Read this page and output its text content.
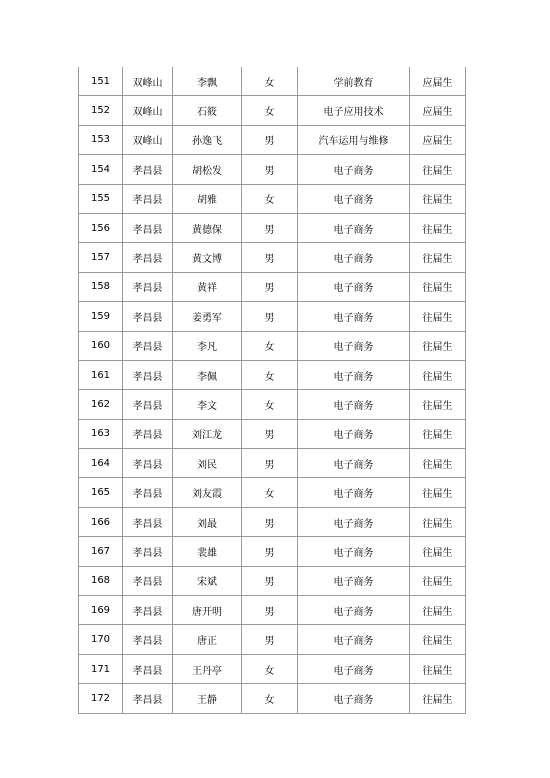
151	双峰山	李飘	女	学前教育	应届生
152	双峰山	石筱	女	电子应用技术	应届生
153	双峰山	孙逸飞	男	汽车运用与维修	应届生
154	孝昌县	胡松发	男	电子商务	往届生
155	孝昌县	胡雅	女	电子商务	往届生
156	孝昌县	黄德保	男	电子商务	往届生
157	孝昌县	黄文博	男	电子商务	往届生
158	孝昌县	黄祥	男	电子商务	往届生
159	孝昌县	姜勇军	男	电子商务	往届生
160	孝昌县	李凡	女	电子商务	往届生
161	孝昌县	李佩	女	电子商务	往届生
162	孝昌县	李文	女	电子商务	往届生
163	孝昌县	刘江龙	男	电子商务	往届生
164	孝昌县	刘民	男	电子商务	往届生
165	孝昌县	刘友霞	女	电子商务	往届生
166	孝昌县	刘最	男	电子商务	往届生
167	孝昌县	裴雄	男	电子商务	往届生
168	孝昌县	宋斌	男	电子商务	往届生
169	孝昌县	唐开明	男	电子商务	往届生
170	孝昌县	唐正	男	电子商务	往届生
171	孝昌县	王丹亭	女	电子商务	往届生
172	孝昌县	王静	女	电子商务	往届生
